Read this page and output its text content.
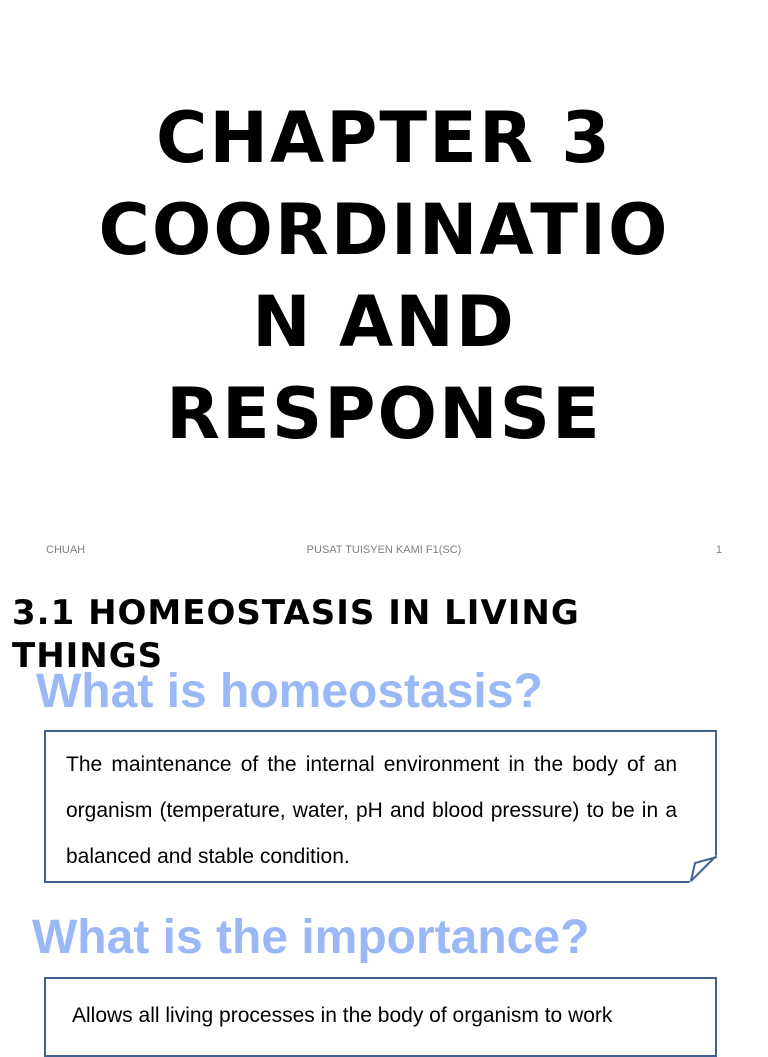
CHAPTER 3
COORDINATIO
N AND
RESPONSE
CHUAH	PUSAT TUISYEN KAMI F1(SC)	1
3.1 HOMEOSTASIS IN LIVING THINGS
What is homeostasis?
The maintenance of the internal environment in the body of an organism (temperature, water, pH and blood pressure) to be in a balanced and stable condition.
What is the importance?
Allows all living processes in the body of organism to work
